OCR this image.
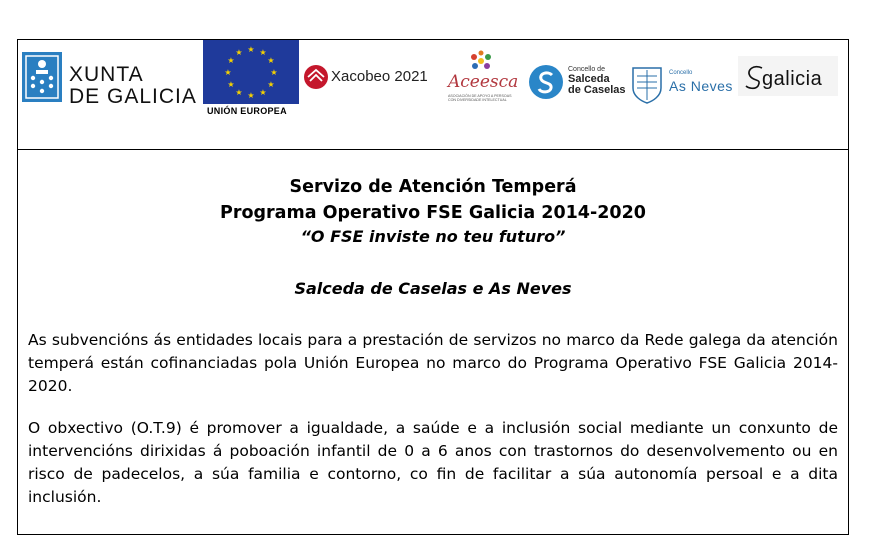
XUNTA
DE GALICIA
★ ★
★
★
★
★
★
★
★
★
★
★
UNIÓN EUROPEA
Xacobeo 2021 Aceesca
ASOCIACIÓN DE APOYO A PERSOAS CON DIVERSIDADE INTELECTUAL
Concello de
Salceda
de Caselas
Concello
As Neves galicia

Servizo de Atención Temperá

Programa Operativo FSE Galicia 2014-2020

“O FSE inviste no teu futuro”

Salceda de Caselas e As Neves

As subvencións ás entidades locais para a prestación de servizos no marco da Rede galega da atención temperá están cofinanciadas pola Unión Europea no marco do Programa Operativo FSE Galicia 2014-2020.

O obxectivo (O.T.9) é promover a igualdade, a saúde e a inclusión social mediante un conxunto de intervencións dirixidas á poboación infantil de 0 a 6 anos con trastornos do desenvolvemento ou en risco de padecelos, a súa familia e contorno, co fin de facilitar a súa autonomía persoal e a dita inclusión.
